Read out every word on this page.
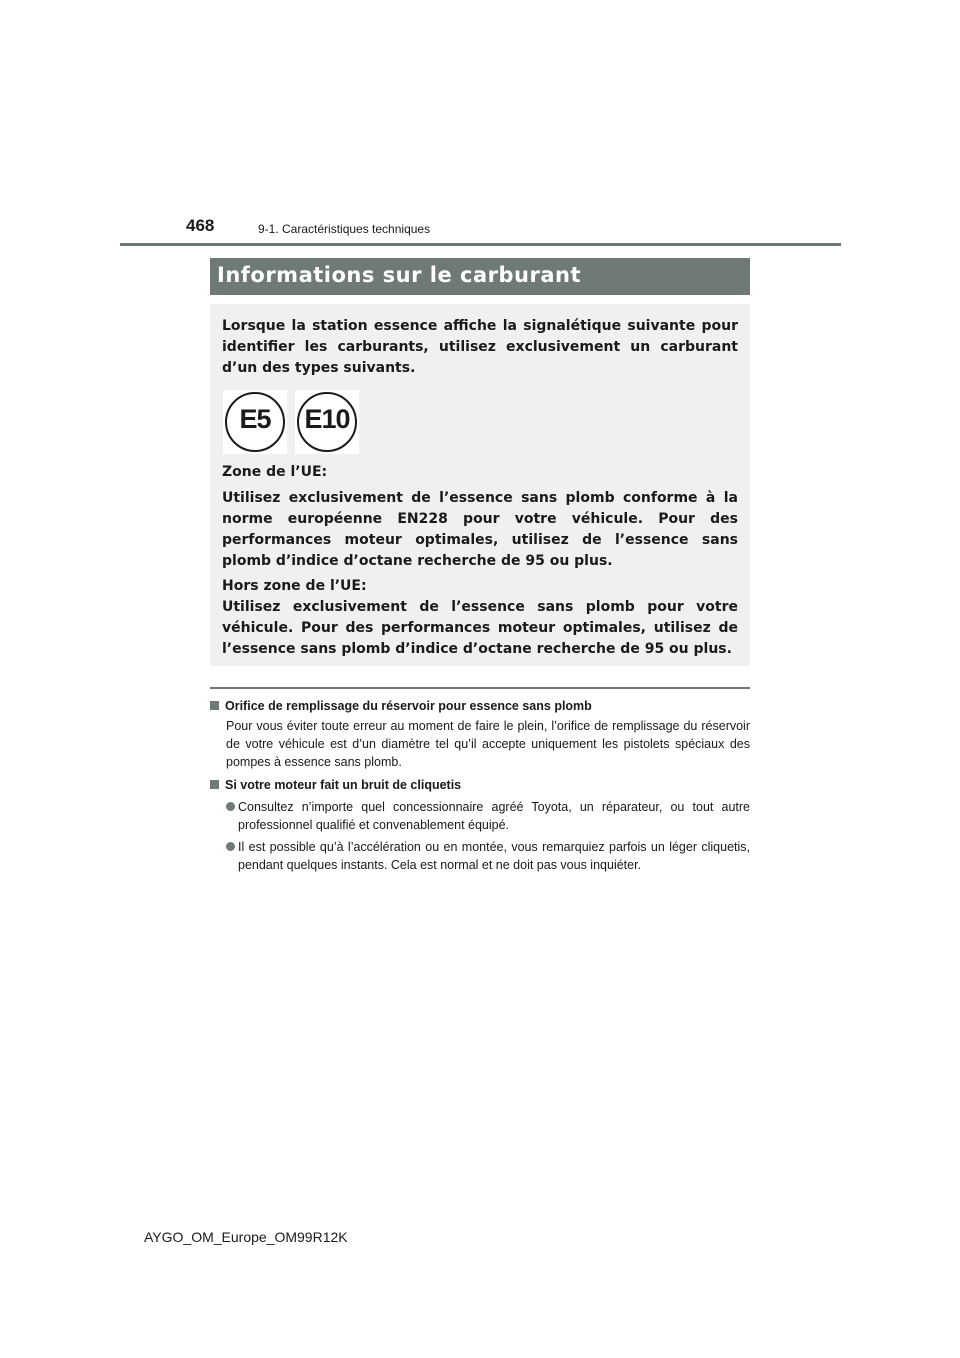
468	9-1. Caractéristiques techniques
Informations sur le carburant

Lorsque la station essence affiche la signalétique suivante pour identifier les carburants, utilisez exclusivement un carburant d’un des types suivants.

E5	E10

Zone de l’UE:

Utilisez exclusivement de l’essence sans plomb conforme à la norme européenne EN228 pour votre véhicule. Pour des performances moteur optimales, utilisez de l’essence sans plomb d’indice d’octane recherche de 95 ou plus.

Hors zone de l’UE:
Utilisez exclusivement de l’essence sans plomb pour votre véhicule. Pour des performances moteur optimales, utilisez de l’essence sans plomb d’indice d’octane recherche de 95 ou plus.

Orifice de remplissage du réservoir pour essence sans plomb

Pour vous éviter toute erreur au moment de faire le plein, l’orifice de remplissage du réservoir de votre véhicule est d’un diamètre tel qu’il accepte uniquement les pistolets spéciaux des pompes à essence sans plomb.

Si votre moteur fait un bruit de cliquetis

Consultez n’importe quel concessionnaire agréé Toyota, un réparateur, ou tout autre professionnel qualifié et convenablement équipé.
Il est possible qu’à l’accélération ou en montée, vous remarquiez parfois un léger cliquetis, pendant quelques instants. Cela est normal et ne doit pas vous inquiéter.
AYGO_OM_Europe_OM99R12K
